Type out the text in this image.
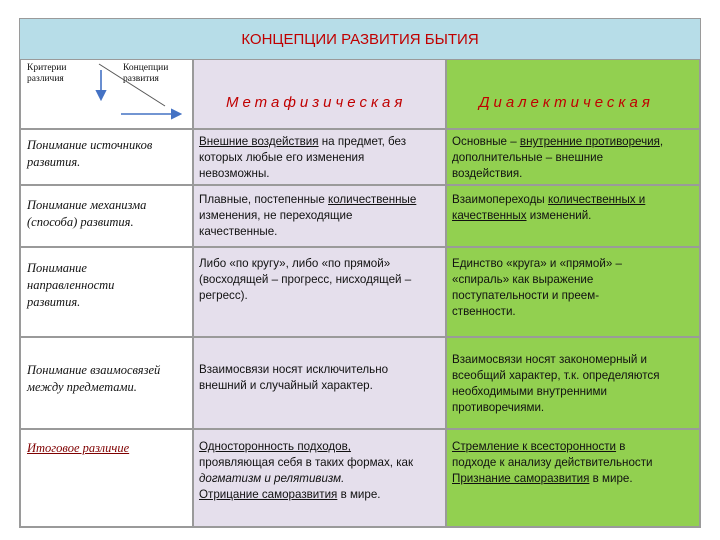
КОНЦЕПЦИИ РАЗВИТИЯ БЫТИЯ
Критерии
различия
Концепции
развития
Метафизическая	Диалектическая
Понимание источников
развития.
Внешние воздействия на предмет, без
которых любые его изменения
невозможны.
Основные – внутренние противоречия,
дополнительные – внешние
воздействия.
Понимание механизма
(способа) развития.
Плавные, постепенные количественные
изменения, не переходящие
качественные.
Взаимопереходы количественных и
качественных изменений.
Понимание
направленности
развития.
Либо «по кругу», либо «по прямой»
(восходящей – прогресс, нисходящей –
регресс).
Единство «круга» и «прямой» –
«спираль» как выражение
поступательности и преем-
ственности.
Понимание взаимосвязей
между предметами.
Взаимосвязи носят исключительно
внешний и случайный характер.
Взаимосвязи носят закономерный и
всеобщий характер, т.к. определяются
необходимыми внутренними
противоречиями.
Итоговое различие	Односторонность подходов,
проявляющая себя в таких формах, как
догматизм и релятивизм.
Отрицание саморазвития в мире.
Стремление к всесторонности в
подходе к анализу действительности
Признание саморазвития в мире.
